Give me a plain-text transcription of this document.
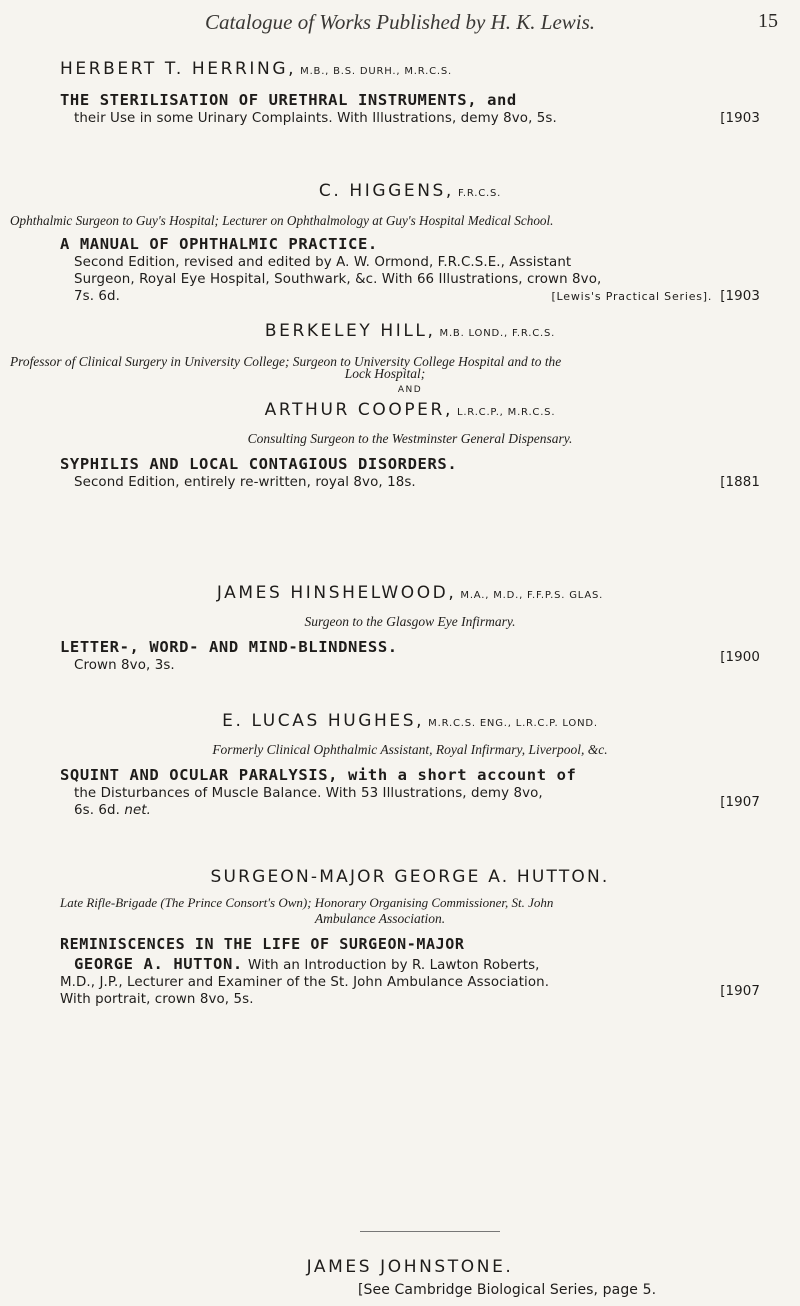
Catalogue of Works Published by H. K. Lewis.	15
HERBERT T. HERRING, M.B., B.S. DURH., M.R.C.S.
THE STERILISATION OF URETHRAL INSTRUMENTS, and
their Use in some Urinary Complaints. With Illustrations, demy 8vo, 5s.	[1903
C. HIGGENS, F.R.C.S.
Ophthalmic Surgeon to Guy's Hospital; Lecturer on Ophthalmology at Guy's Hospital Medical School.
A MANUAL OF OPHTHALMIC PRACTICE.
Second Edition, revised and edited by A. W. Ormond, F.R.C.S.E., Assistant
Surgeon, Royal Eye Hospital, Southwark, &c. With 66 Illustrations, crown 8vo,
7s. 6d.	[1903
[Lewis's Practical Series].
BERKELEY HILL, M.B. LOND., F.R.C.S.
Professor of Clinical Surgery in University College; Surgeon to University College Hospital and to the
Lock Hospital;
AND
ARTHUR COOPER, L.R.C.P., M.R.C.S.
Consulting Surgeon to the Westminster General Dispensary.
SYPHILIS AND LOCAL CONTAGIOUS DISORDERS.
Second Edition, entirely re-written, royal 8vo, 18s.	[1881
JAMES HINSHELWOOD, M.A., M.D., F.F.P.S. GLAS.
Surgeon to the Glasgow Eye Infirmary.
LETTER-, WORD- AND MIND-BLINDNESS.
Crown 8vo, 3s.
[1900
E. LUCAS HUGHES, M.R.C.S. ENG., L.R.C.P. LOND.
Formerly Clinical Ophthalmic Assistant, Royal Infirmary, Liverpool, &c.
SQUINT AND OCULAR PARALYSIS, with a short account of
the Disturbances of Muscle Balance. With 53 Illustrations, demy 8vo,
6s. 6d. net.
[1907
SURGEON-MAJOR GEORGE A. HUTTON.
Late Rifle-Brigade (The Prince Consort's Own); Honorary Organising Commissioner, St. John
Ambulance Association.
REMINISCENCES IN THE LIFE OF SURGEON-MAJOR
GEORGE A. HUTTON. With an Introduction by R. Lawton Roberts,
M.D., J.P., Lecturer and Examiner of the St. John Ambulance Association.
With portrait, crown 8vo, 5s.
[1907
JAMES JOHNSTONE.
[See Cambridge Biological Series, page 5.
